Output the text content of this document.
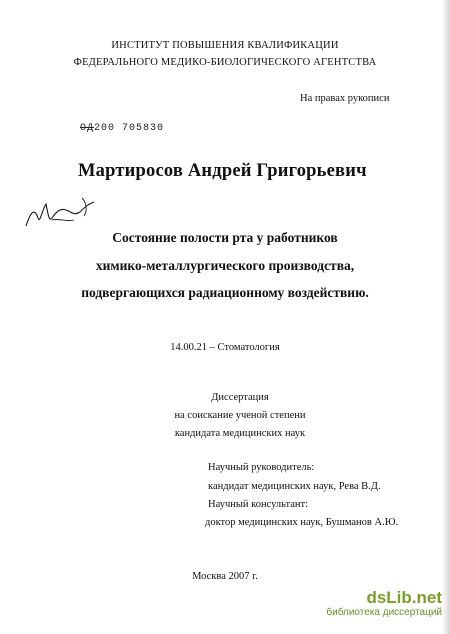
ИНСТИТУТ ПОВЫШЕНИЯ КВАЛИФИКАЦИИ
ФЕДЕРАЛЬНОГО МЕДИКО-БИОЛОГИЧЕСКОГО АГЕНТСТВА
На правах рукописи
ОД200 705830
Мартиросов Андрей Григорьевич
Состояние полости рта у работников
химико-металлургического производства,
подвергающихся радиационному воздействию.
14.00.21 – Стоматология
Диссертация
на соискание ученой степени
кандидата медицинских наук
Научный руководитель:
кандидат медицинских наук, Рева В.Д.
Научный консультант:
доктор медицинских наук, Бушманов А.Ю.
Москва 2007 г.
dsLib.net
библиотека диссертаций
